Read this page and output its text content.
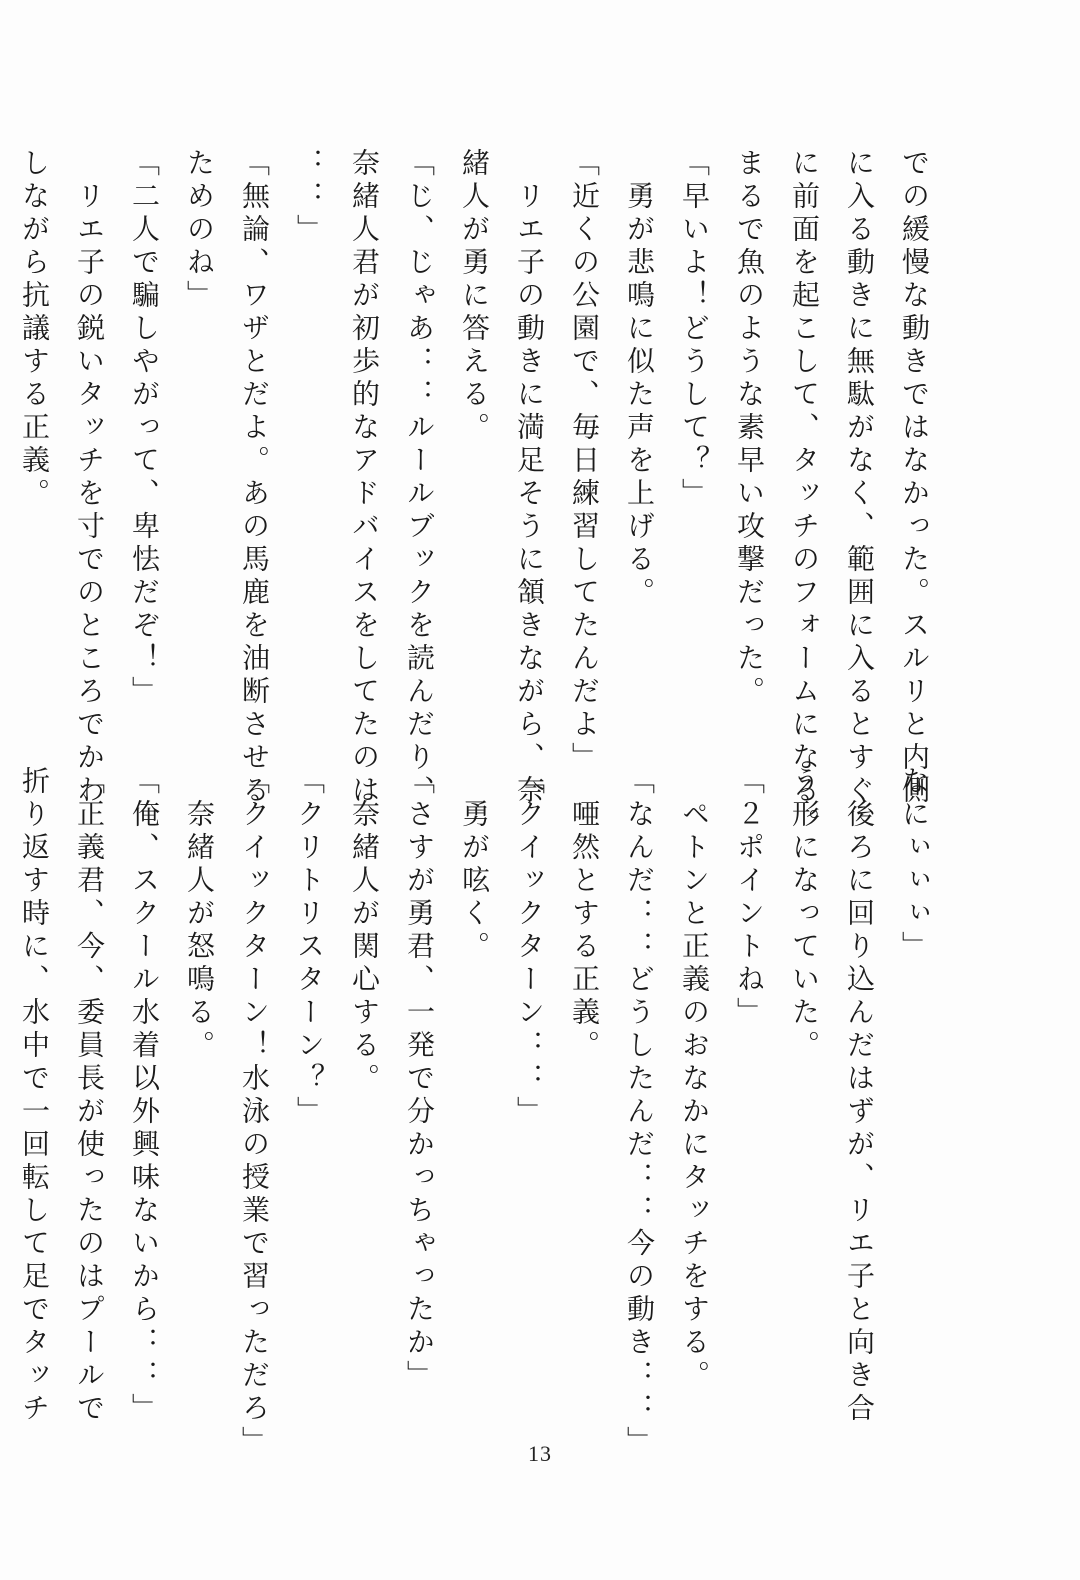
での緩慢な動きではなかった。スルリと内側
に入る動きに無駄がなく、範囲に入るとすぐ
に前面を起こして、タッチのフォームになる。
まるで魚のような素早い攻撃だった。
「早いよ！どうして？」
　勇が悲鳴に似た声を上げる。
「近くの公園で、毎日練習してたんだよ」
　リエ子の動きに満足そうに頷きながら、奈
緒人が勇に答える。
「じ、じゃあ：：ルールブックを読んだり、
奈緒人君が初歩的なアドバイスをしてたのは
：：」
「無論、ワザとだよ。あの馬鹿を油断させる
ためのね」
「二人で騙しやがって、卑怯だぞ！」
　リエ子の鋭いタッチを寸でのところでかわ
しながら抗議する正義。
なにぃぃぃ」
　後ろに回り込んだはずが、リエ子と向き合
う形になっていた。
「２ポイントね」
　ペトンと正義のおなかにタッチをする。
「なんだ：：どうしたんだ：：今の動き：：」
　唖然とする正義。
「クイックターン：：」
　勇が呟く。
「さすが勇君、一発で分かっちゃったか」
　奈緒人が関心する。
「クリトリスターン？」
「クイックターン！水泳の授業で習っただろ」
　奈緒人が怒鳴る。
「俺、スクール水着以外興味ないから：：」
「正義君、今、委員長が使ったのはプールで
折り返す時に、水中で一回転して足でタッチ
13
